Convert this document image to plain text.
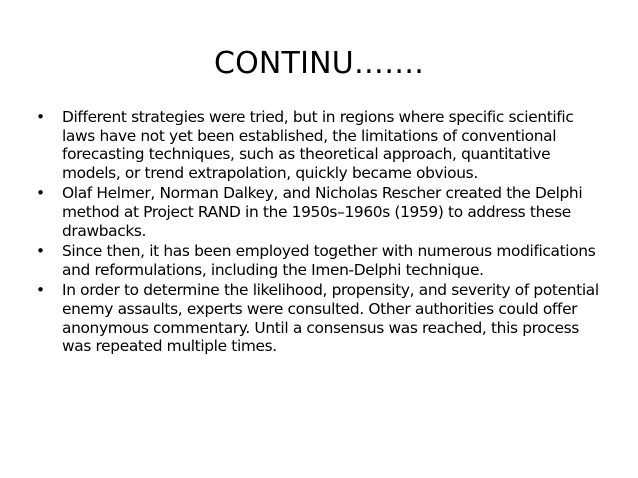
CONTINU…….
•	Different strategies were tried, but in regions where specific scientific laws have not yet been established, the limitations of conventional forecasting techniques, such as theoretical approach, quantitative models, or trend extrapolation, quickly became obvious.
•	Olaf Helmer, Norman Dalkey, and Nicholas Rescher created the Delphi method at Project RAND in the 1950s–1960s (1959) to address these drawbacks.
•	Since then, it has been employed together with numerous modifications and reformulations, including the Imen-Delphi technique.
•	In order to determine the likelihood, propensity, and severity of potential enemy assaults, experts were consulted. Other authorities could offer anonymous commentary. Until a consensus was reached, this process was repeated multiple times.
